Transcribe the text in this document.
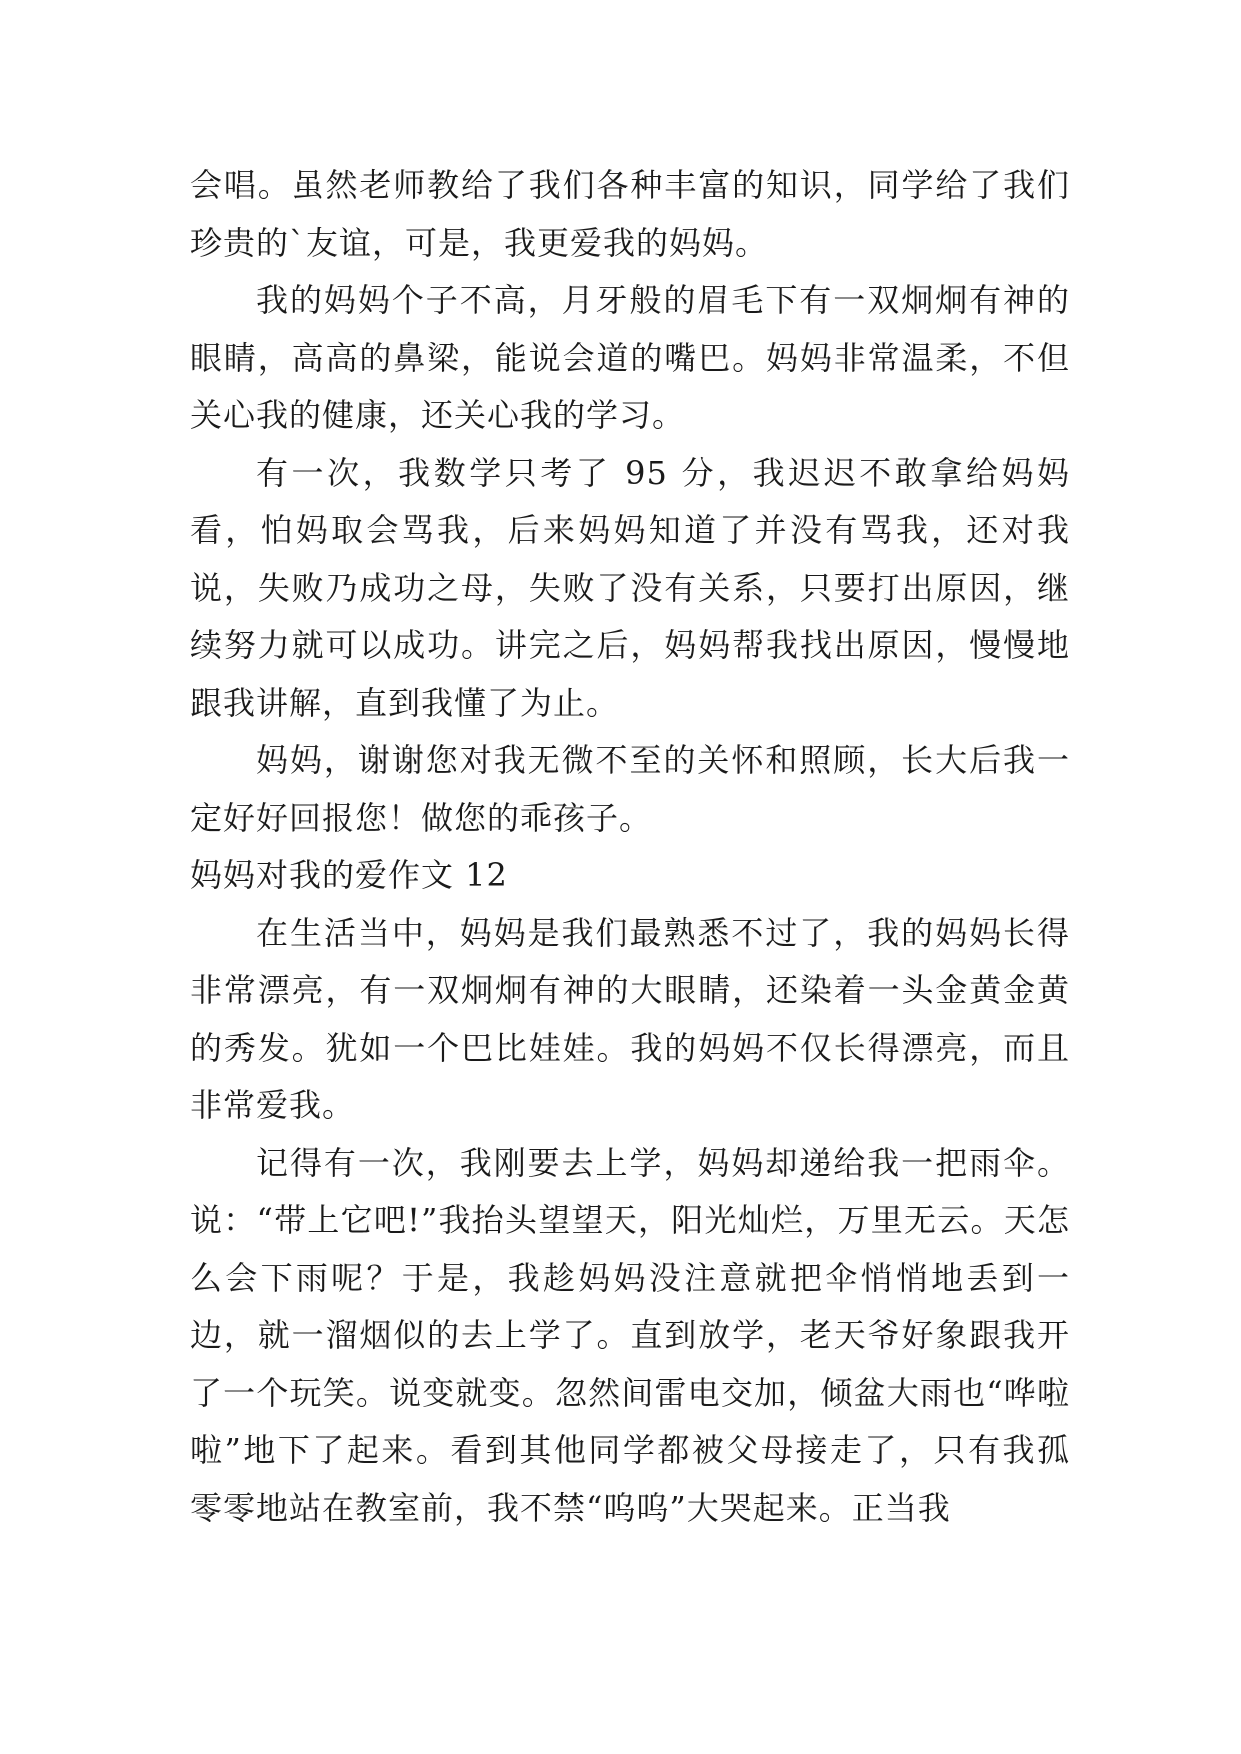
会唱。虽然老师教给了我们各种丰富的知识，同学给了我们珍贵的`友谊，可是，我更爱我的妈妈。

我的妈妈个子不高，月牙般的眉毛下有一双炯炯有神的眼睛，高高的鼻梁，能说会道的嘴巴。妈妈非常温柔，不但关心我的健康，还关心我的学习。

有一次，我数学只考了 95 分，我迟迟不敢拿给妈妈看，怕妈取会骂我，后来妈妈知道了并没有骂我，还对我说，失败乃成功之母，失败了没有关系，只要打出原因，继续努力就可以成功。讲完之后，妈妈帮我找出原因，慢慢地跟我讲解，直到我懂了为止。

妈妈，谢谢您对我无微不至的关怀和照顾，长大后我一定好好回报您！做您的乖孩子。

妈妈对我的爱作文 12

在生活当中，妈妈是我们最熟悉不过了，我的妈妈长得非常漂亮，有一双炯炯有神的大眼睛，还染着一头金黄金黄的秀发。犹如一个巴比娃娃。我的妈妈不仅长得漂亮，而且非常爱我。

记得有一次，我刚要去上学，妈妈却递给我一把雨伞。说：“带上它吧!”我抬头望望天，阳光灿烂，万里无云。天怎么会下雨呢？于是，我趁妈妈没注意就把伞悄悄地丢到一边，就一溜烟似的去上学了。直到放学，老天爷好象跟我开了一个玩笑。说变就变。忽然间雷电交加，倾盆大雨也“哗啦啦”地下了起来。看到其他同学都被父母接走了，只有我孤 零零地站在教室前，我不禁“呜呜”大哭起来。正当我
